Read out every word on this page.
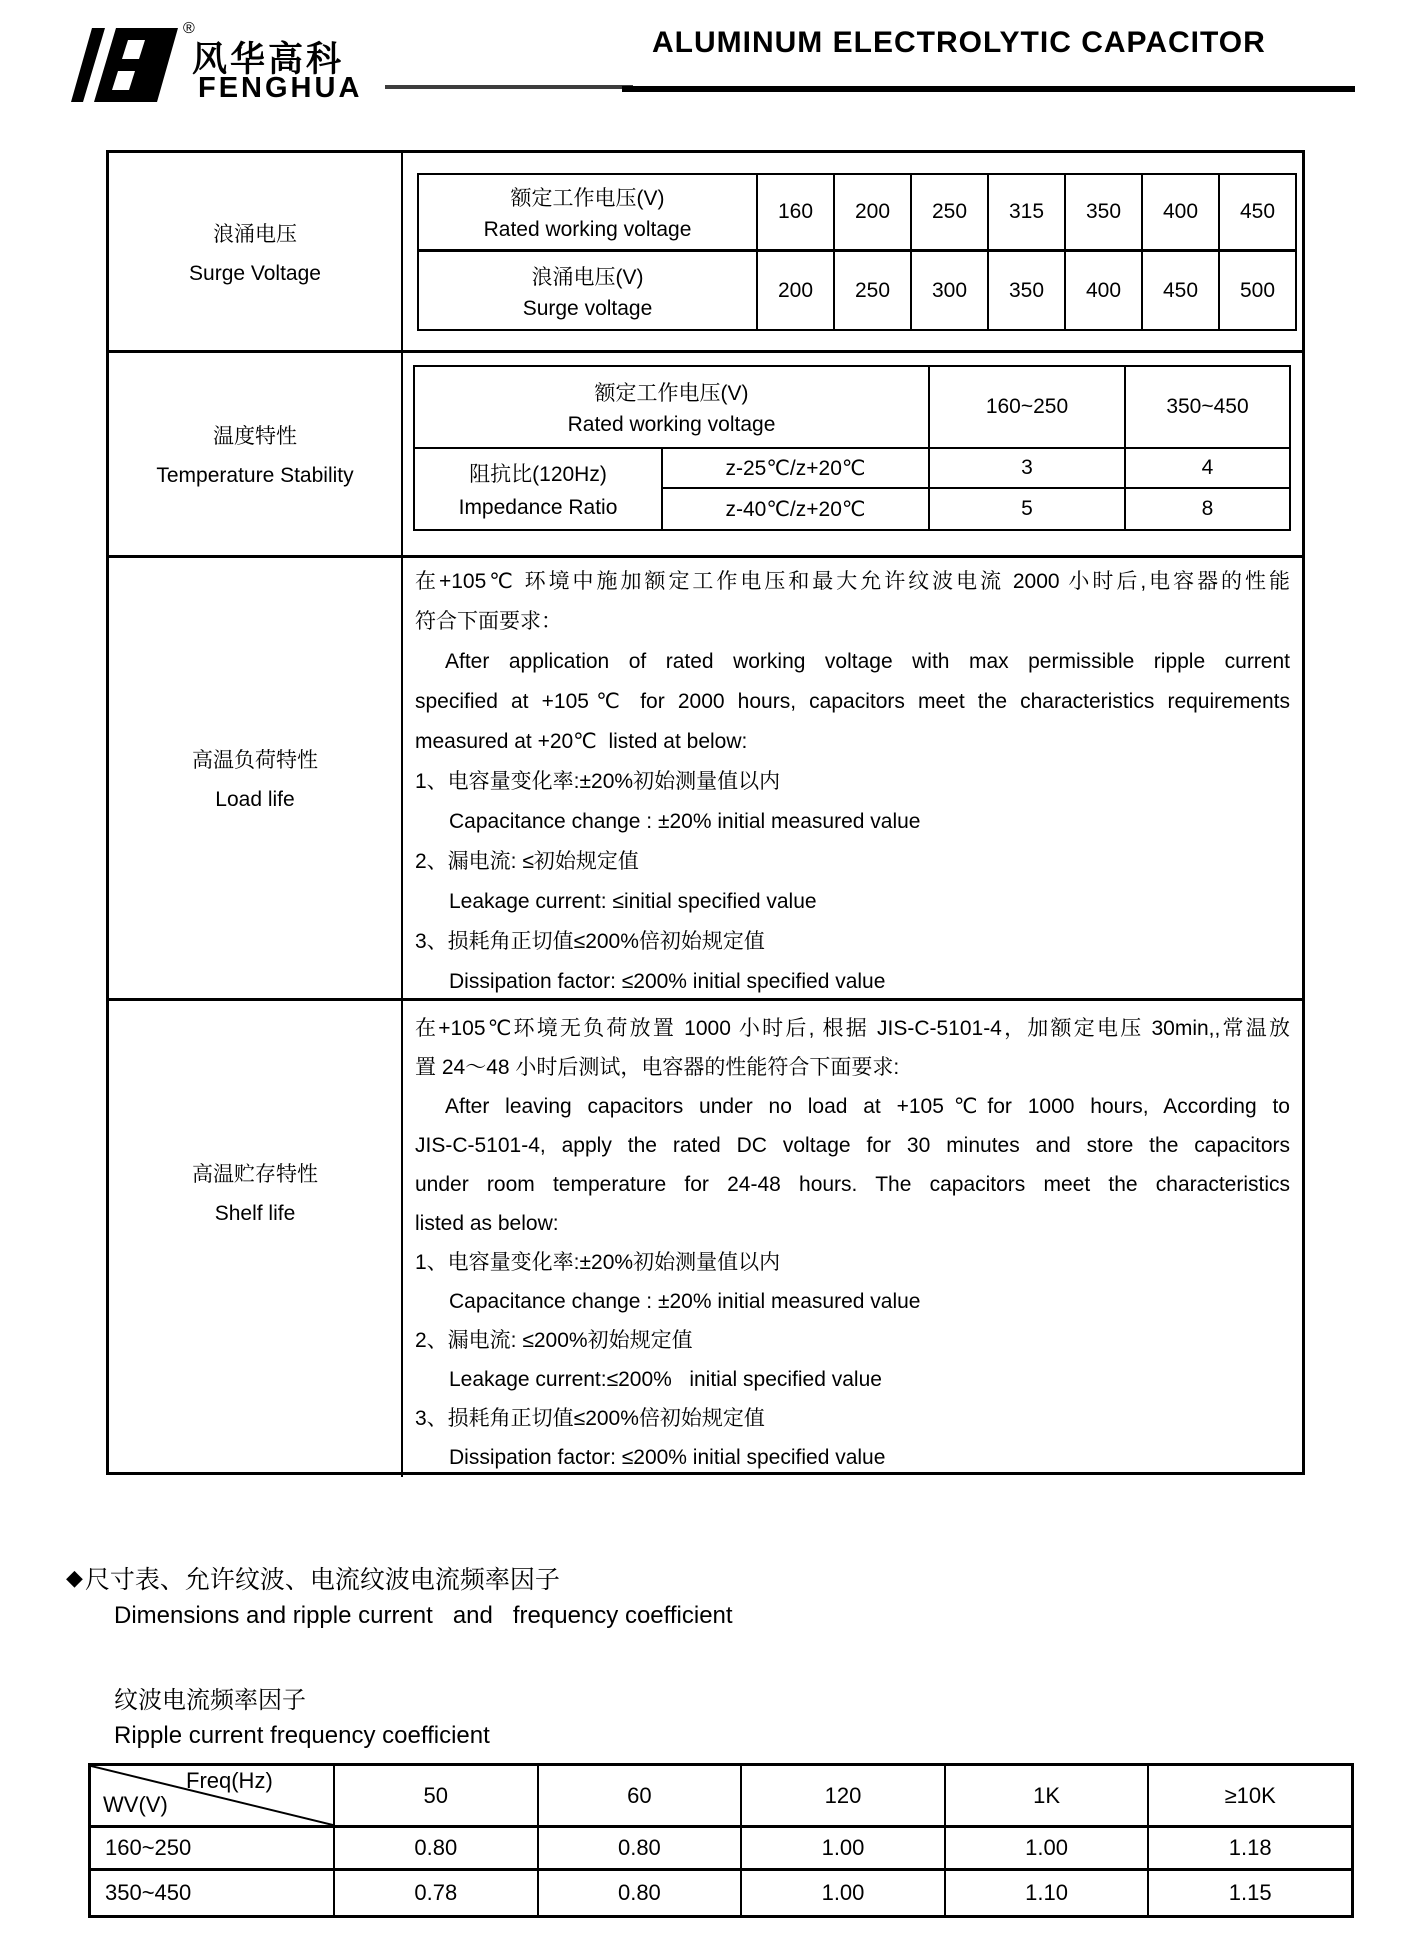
®
风华高科
FENGHUA
ALUMINUM ELECTROLYTIC CAPACITOR
浪涌电压
Surge Voltage
额定工作电压(V)
Rated working voltage
160	200	250	315	350	400	450
浪涌电压(V)
Surge voltage
200	250	300	350	400	450	500
温度特性
Temperature Stability
额定工作电压(V)
Rated working voltage
160~250	350~450
阻抗比(120Hz)
Impedance Ratio
z-25℃/z+20℃	3	4
z-40℃/z+20℃	5	8
高温负荷特性
Load life
在+105℃ 环境中施加额定工作电压和最大允许纹波电流 2000 小时后,电容器的性能
符合下面要求：
After application of rated working voltage with max permissible ripple current
specified at +105℃ for 2000 hours, capacitors meet the characteristics requirements
measured at +20℃  listed at below:
1、电容量变化率:±20%初始测量值以内
Capacitance change : ±20% initial measured value
2、漏电流: ≤初始规定值
Leakage current: ≤initial specified value
3、损耗角正切值≤200%倍初始规定值
Dissipation factor: ≤200% initial specified value
高温贮存特性
Shelf life
在+105℃环境无负荷放置 1000 小时后, 根据 JIS-C-5101-4，加额定电压 30min,,常温放
置 24～48 小时后测试，电容器的性能符合下面要求:
After leaving capacitors under no load at +105℃for 1000 hours, According to
JIS-C-5101-4, apply the rated DC voltage for 30 minutes and store the capacitors
under room temperature for 24-48 hours. The capacitors meet the characteristics
listed as below:
1、电容量变化率:±20%初始测量值以内
Capacitance change : ±20% initial measured value
2、漏电流: ≤200%初始规定值
Leakage current:≤200%   initial specified value
3、损耗角正切值≤200%倍初始规定值
Dissipation factor: ≤200% initial specified value
◆ 尺寸表、允许纹波、电流纹波电流频率因子
Dimensions and ripple current   and   frequency coefficient
纹波电流频率因子
Ripple current frequency coefficient
Freq(Hz)
WV(V)	50	60	120	1K	≥10K
160~250	0.80	0.80	1.00	1.00	1.18
350~450	0.78	0.80	1.00	1.10	1.15
